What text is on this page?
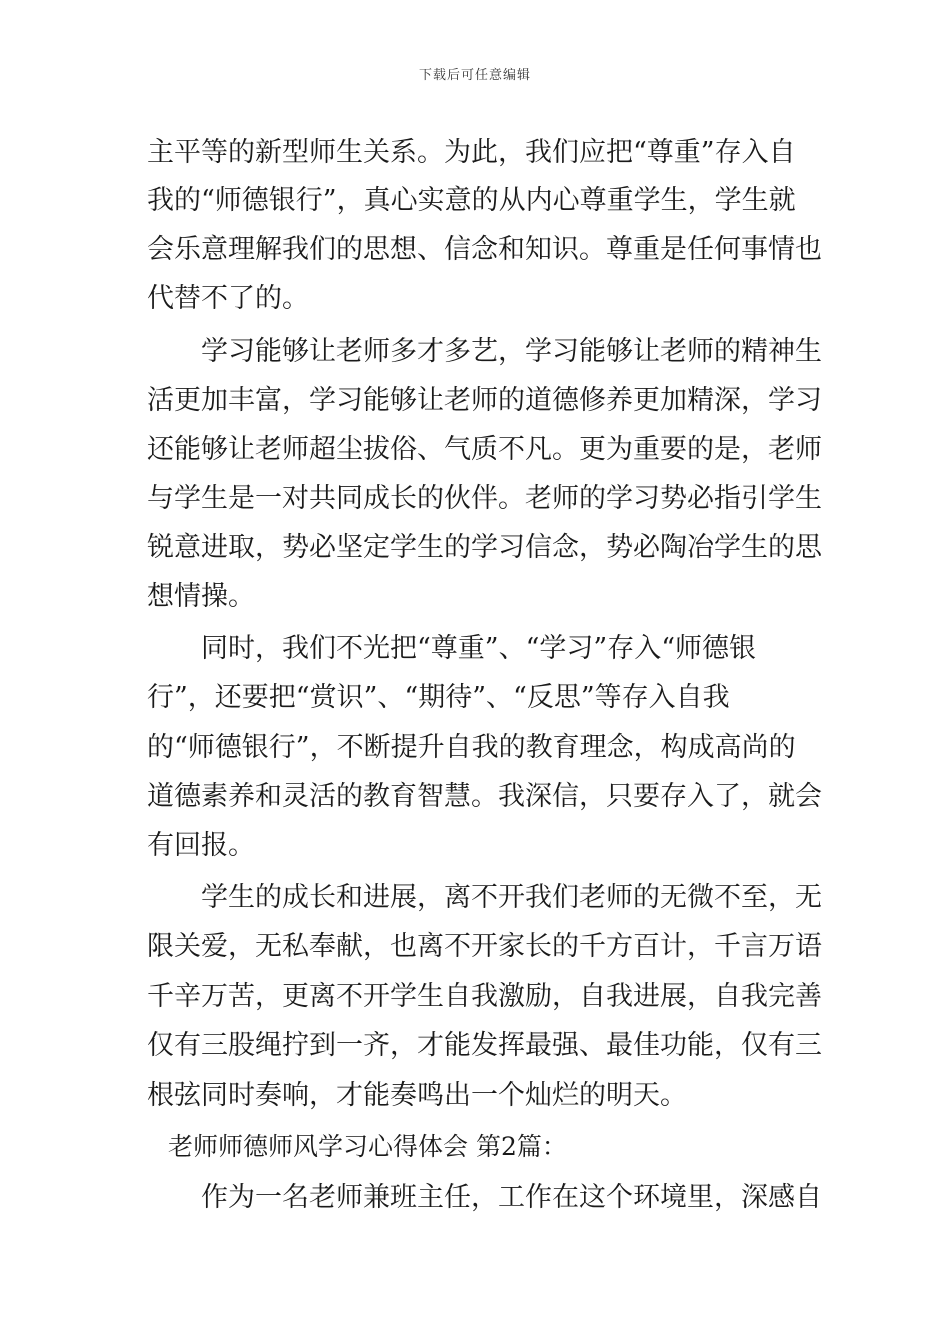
下载后可任意编辑
主平等的新型师生关系。为此，我们应把“尊重”存入自
我的“师德银行”，真心实意的从内心尊重学生，学生就
会乐意理解我们的思想、信念和知识。尊重是任何事情也
代替不了的。
学习能够让老师多才多艺，学习能够让老师的精神生
活更加丰富，学习能够让老师的道德修养更加精深，学习
还能够让老师超尘拔俗、气质不凡。更为重要的是，老师
与学生是一对共同成长的伙伴。老师的学习势必指引学生
锐意进取，势必坚定学生的学习信念，势必陶冶学生的思
想情操。
同时，我们不光把“尊重”、“学习”存入“师德银
行”，还要把“赏识”、“期待”、“反思”等存入自我
的“师德银行”，不断提升自我的教育理念，构成高尚的
道德素养和灵活的教育智慧。我深信，只要存入了，就会
有回报。
学生的成长和进展，离不开我们老师的无微不至，无
限关爱，无私奉献，也离不开家长的千方百计，千言万语
千辛万苦，更离不开学生自我激励，自我进展，自我完善
仅有三股绳拧到一齐，才能发挥最强、最佳功能，仅有三
根弦同时奏响，才能奏鸣出一个灿烂的明天。
老师师德师风学习心得体会 第2篇：
作为一名老师兼班主任，工作在这个环境里，深感自
